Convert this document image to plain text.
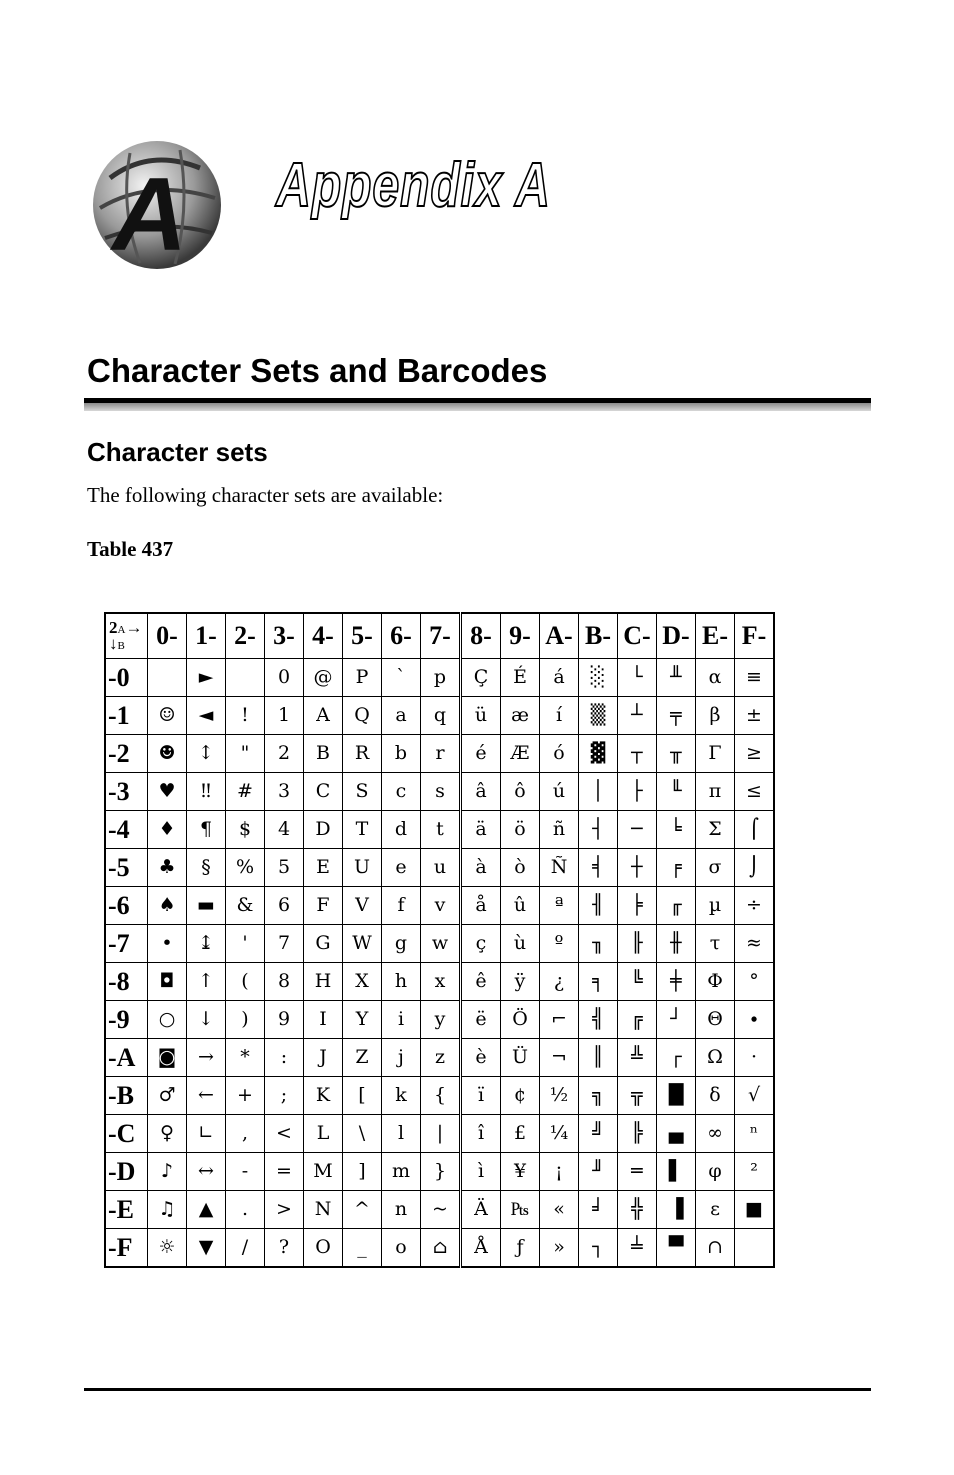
A Appendix A
Character Sets and Barcodes
Character sets

The following character sets are available:

Table 437

2A→
↓B	0-	1-	2-	3-	4-	5-	6-	7-	8-	9-	A-	B-	C-	D-	E-	F-
-0		►		0	@	P	`	p	Ç	É	á	░	└	╨	α	≡
-1	☺	◄	!	1	A	Q	a	q	ü	æ	í	▒	┴	╤	β	±
-2	☻	↕	"	2	B	R	b	r	é	Æ	ó	▓	┬	╥	Γ	≥
-3	♥	‼	#	3	C	S	c	s	â	ô	ú	│	├	╙	π	≤
-4	♦	¶	$	4	D	T	d	t	ä	ö	ñ	┤	─	╘	Σ	⌠
-5	♣	§	%	5	E	U	e	u	à	ò	Ñ	╡	┼	╒	σ	⌡
-6	♠	▬	&	6	F	V	f	v	å	û	ª	╢	╞	╓	µ	÷
-7	•	↨	'	7	G	W	g	w	ç	ù	º	╖	╟	╫	τ	≈
-8	◘	↑	(	8	H	X	h	x	ê	ÿ	¿	╕	╚	╪	Φ	°
-9	○	↓	)	9	I	Y	i	y	ë	Ö	⌐	╣	╔	┘	Θ	∙
-A	◙	→	*	:	J	Z	j	z	è	Ü	¬	║	╩	┌	Ω	·
-B	♂	←	+	;	K	[	k	{	ï	¢	½	╗	╦	█	δ	√
-C	♀	∟	,	<	L	\	l	|	î	£	¼	╝	╠	▄	∞	ⁿ
-D	♪	↔	-	=	M	]	m	}	ì	¥	¡	╜	═	▌	φ	²
-E	♫	▲	.	>	N	^	n	~	Ä	₧	«	╛	╬	▐	ε	■
-F	☼	▼	/	?	O	_	o	⌂	Å	ƒ	»	┐	╧	▀	∩	
